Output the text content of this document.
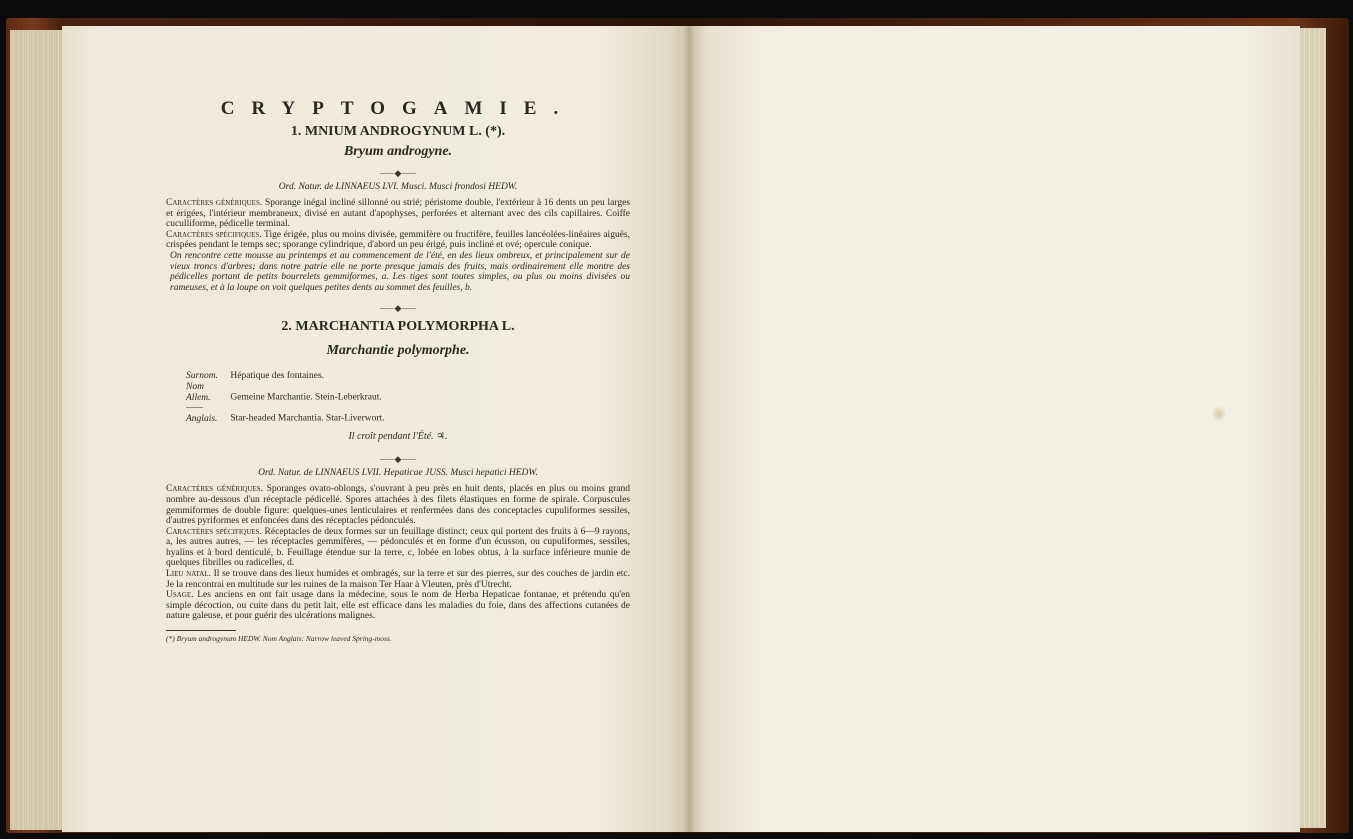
CRYPTOGAMIE.

1. MNIUM ANDROGYNUM L. (*).

Bryum androgyne.

⸺◆⸺

Ord. Natur. de LINNAEUS LVI. Musci. Musci frondosi HEDW.

Caractères génériques. Sporange inégal incliné sillonné ou strié; péristome double, l'extérieur à 16 dents un peu larges et érigées, l'intérieur membraneux, divisé en autant d'apophyses, perforées et alternant avec des cils capillaires. Coiffe cuculliforme, pédicelle terminal.

Caractères spécifiques. Tige érigée, plus ou moins divisée, gemmifère ou fructifère, feuilles lancéolées-linéaires aiguës, crispées pendant le temps sec; sporange cylindrique, d'abord un peu érigé, puis incliné et ové; opercule conique.

On rencontre cette mousse au printemps et au commencement de l'été, en des lieux ombreux, et principalement sur de vieux troncs d'arbres; dans notre patrie elle ne porte presque jamais des fruits, mais ordinairement elle montre des pédicelles portant de petits bourrelets gemmiformes, a. Les tiges sont toutes simples, ou plus ou moins divisées ou rameuses, et à la loupe on voit quelques petites dents au sommet des feuilles, b.

⸺◆⸺

2. MARCHANTIA POLYMORPHA L.

Marchantie polymorphe.

Surnom. Hépatique des fontaines.

Nom Allem. Gemeine Marchantie. Stein-Leberkraut.

—— Anglais. Star-headed Marchantia. Star-Liverwort.

Il croît pendant l'Été. ♃.
⸺◆⸺

Ord. Natur. de LINNAEUS LVII. Hepaticae JUSS. Musci hepatici HEDW.

Caractères génériques. Sporanges ovato-oblongs, s'ouvrant à peu près en huit dents, placés en plus ou moins grand nombre au-dessous d'un réceptacle pédicellé. Spores attachées à des filets élastiques en forme de spirale. Corpuscules gemmiformes de double figure: quelques-unes lenticulaires et renfermées dans des conceptacles cupuliformes sessiles, d'autres pyriformes et enfoncées dans des réceptacles pédonculés.

Caractères spécifiques. Réceptacles de deux formes sur un feuillage distinct; ceux qui portent des fruits à 6—9 rayons, a, les autres autres, — les réceptacles gemmifères, — pédonculés et en forme d'un écusson, ou cupuliformes, sessiles, hyalins et à bord denticulé, b. Feuillage étendue sur la terre, c, lobée en lobes obtus, à la surface inférieure munie de quelques fibrilles ou radicelles, d.

Lieu natal. Il se trouve dans des lieux humides et ombragés, sur la terre et sur des pierres, sur des couches de jardin etc. Je la rencontrai en multitude sur les ruines de la maison Ter Haar à Vleuten, près d'Utrecht.

Usage. Les anciens en ont fait usage dans la médecine, sous le nom de Herba Hepaticae fontanae, et prétendu qu'en simple décoction, ou cuite dans du petit lait, elle est efficace dans les maladies du foie, dans des affections cutanées de nature galeuse, et pour guérir des ulcérations malignes.

(*) Bryum androgynum HEDW. Nom Anglais: Narrow leaved Spring-moss.
